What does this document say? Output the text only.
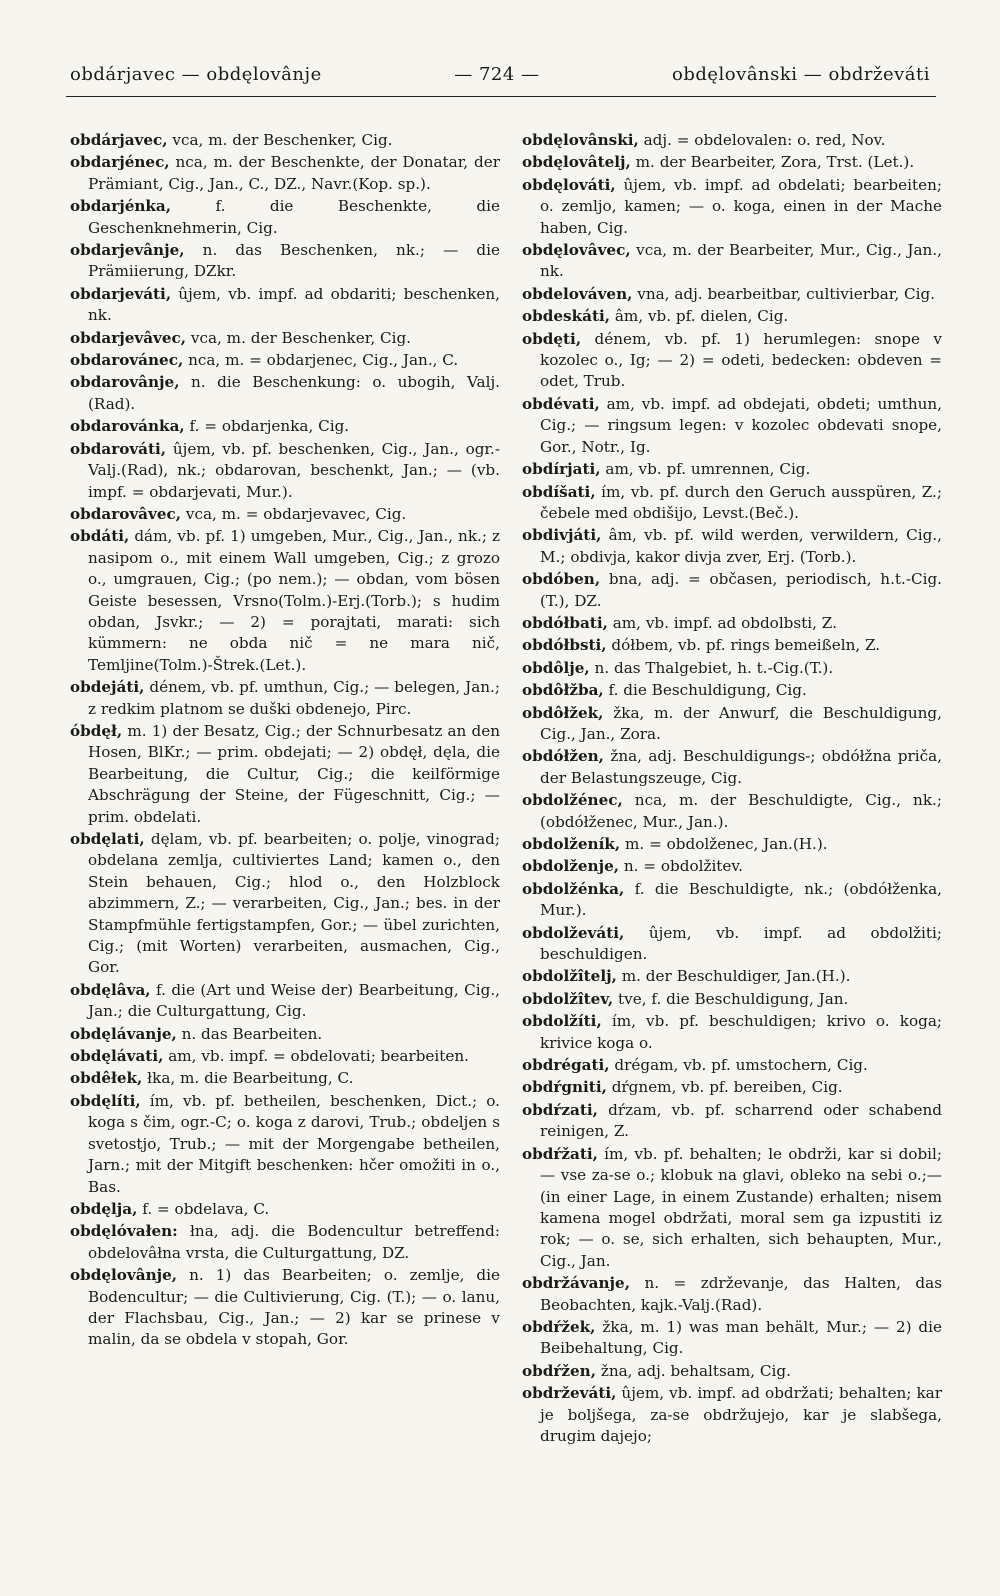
obdárjavec — obdęlovânje	— 724 —	obdęlovânski — obdrževáti

obdárjavec, vca, m. der Beschenker, Cig.

obdarjénec, nca, m. der Beschenkte, der Donatar, der Prämiant, Cig., Jan., C., DZ., Navr.(Kop. sp.).

obdarjénka, f. die Beschenkte, die Geschenknehmerin, Cig.

obdarjevânje, n. das Beschenken, nk.; — die Prämiierung, DZkr.

obdarjeváti, ûjem, vb. impf. ad obdariti; beschenken, nk.

obdarjevâvec, vca, m. der Beschenker, Cig.

obdarovánec, nca, m. = obdarjenec, Cig., Jan., C.

obdarovânje, n. die Beschenkung: o. ubogih, Valj.(Rad).

obdarovánka, f. = obdarjenka, Cig.

obdarováti, ûjem, vb. pf. beschenken, Cig., Jan., ogr.-Valj.(Rad), nk.; obdarovan, beschenkt, Jan.; — (vb. impf. = obdarjevati, Mur.).

obdarovâvec, vca, m. = obdarjevavec, Cig.

obdáti, dám, vb. pf. 1) umgeben, Mur., Cig., Jan., nk.; z nasipom o., mit einem Wall umgeben, Cig.; z grozo o., umgrauen, Cig.; (po nem.); — obdan, vom bösen Geiste besessen, Vrsno(Tolm.)-Erj.(Torb.); s hudim obdan, Jsvkr.; — 2) = porajtati, marati: sich kümmern: ne obda nič = ne mara nič, Temljine(Tolm.)-Štrek.(Let.).

obdejáti, dénem, vb. pf. umthun, Cig.; — belegen, Jan.; z redkim platnom se duški obdenejo, Pirc.

óbdęł, m. 1) der Besatz, Cig.; der Schnurbesatz an den Hosen, BlKr.; — prim. obdejati; — 2) obdęł, dęla, die Bearbeitung, die Cultur, Cig.; die keilförmige Abschrägung der Steine, der Fügeschnitt, Cig.; — prim. obdelati.

obdęlati, dęlam, vb. pf. bearbeiten; o. polje, vinograd; obdelana zemlja, cultiviertes Land; kamen o., den Stein behauen, Cig.; hlod o., den Holzblock abzimmern, Z.; — verarbeiten, Cig., Jan.; bes. in der Stampfmühle fertigstampfen, Gor.; — übel zurichten, Cig.; (mit Worten) verarbeiten, ausmachen, Cig., Gor.

obdęlâva, f. die (Art und Weise der) Bearbeitung, Cig., Jan.; die Culturgattung, Cig.

obdęlávanje, n. das Bearbeiten.

obdęlávati, am, vb. impf. = obdelovati; bearbeiten.

obdêłek, łka, m. die Bearbeitung, C.

obdęlíti, ím, vb. pf. betheilen, beschenken, Dict.; o. koga s čim, ogr.-C; o. koga z darovi, Trub.; obdeljen s svetostjo, Trub.; — mit der Morgengabe betheilen, Jarn.; mit der Mitgift beschenken: hčer omožiti in o., Bas.

obdęlja, f. = obdelava, C.

obdęlóvałen: łna, adj. die Bodencultur betreffend: obdelovâłna vrsta, die Culturgattung, DZ.

obdęlovânje, n. 1) das Bearbeiten; o. zemlje, die Bodencultur; — die Cultivierung, Cig. (T.); — o. lanu, der Flachsbau, Cig., Jan.; — 2) kar se prinese v malin, da se obdela v stopah, Gor.

obdęlovânski, adj. = obdelovalen: o. red, Nov.

obdęlovâtelj, m. der Bearbeiter, Zora, Trst. (Let.).

obdęlováti, ûjem, vb. impf. ad obdelati; bearbeiten; o. zemljo, kamen; — o. koga, einen in der Mache haben, Cig.

obdęlovâvec, vca, m. der Bearbeiter, Mur., Cig., Jan., nk.

obdelováven, vna, adj. bearbeitbar, cultivierbar, Cig.

obdeskáti, âm, vb. pf. dielen, Cig.

obdęti, dénem, vb. pf. 1) herumlegen: snope v kozolec o., Ig; — 2) = odeti, bedecken: obdeven = odet, Trub.

obdévati, am, vb. impf. ad obdejati, obdeti; umthun, Cig.; — ringsum legen: v kozolec obdevati snope, Gor., Notr., Ig.

obdírjati, am, vb. pf. umrennen, Cig.

obdíšati, ím, vb. pf. durch den Geruch ausspüren, Z.; čebele med obdišijo, Levst.(Beč.).

obdivjáti, âm, vb. pf. wild werden, verwildern, Cig., M.; obdivja, kakor divja zver, Erj. (Torb.).

obdóben, bna, adj. = občasen, periodisch, h.t.-Cig.(T.), DZ.

obdółbati, am, vb. impf. ad obdolbsti, Z.

obdółbsti, dółbem, vb. pf. rings bemeißeln, Z.

obdôlje, n. das Thalgebiet, h. t.-Cig.(T.).

obdôłžba, f. die Beschuldigung, Cig.

obdôłžek, žka, m. der Anwurf, die Beschuldigung, Cig., Jan., Zora.

obdółžen, žna, adj. Beschuldigungs-; obdółžna priča, der Belastungszeuge, Cig.

obdolžénec, nca, m. der Beschuldigte, Cig., nk.; (obdółženec, Mur., Jan.).

obdolženík, m. = obdolženec, Jan.(H.).

obdolženje, n. = obdolžitev.

obdolžénka, f. die Beschuldigte, nk.; (obdółženka, Mur.).

obdolževáti, ûjem, vb. impf. ad obdolžiti; beschuldigen.

obdolžîtelj, m. der Beschuldiger, Jan.(H.).

obdolžîtev, tve, f. die Beschuldigung, Jan.

obdolžíti, ím, vb. pf. beschuldigen; krivo o. koga; krivice koga o.

obdrégati, drégam, vb. pf. umstochern, Cig.

obdŕgniti, dŕgnem, vb. pf. bereiben, Cig.

obdŕzati, dŕzam, vb. pf. scharrend oder schabend reinigen, Z.

obdŕžati, ím, vb. pf. behalten; le obdrži, kar si dobil; — vse za-se o.; klobuk na glavi, obleko na sebi o.;—(in einer Lage, in einem Zustande) erhalten; nisem kamena mogel obdržati, moral sem ga izpustiti iz rok; — o. se, sich erhalten, sich behaupten, Mur., Cig., Jan.

obdržávanje, n. = zdrževanje, das Halten, das Beobachten, kajk.-Valj.(Rad).

obdŕžek, žka, m. 1) was man behält, Mur.; — 2) die Beibehaltung, Cig.

obdŕžen, žna, adj. behaltsam, Cig.

obdrževáti, ûjem, vb. impf. ad obdržati; behalten; kar je boljšega, za-se obdržujejo, kar je slabšega, drugim dajejo;
